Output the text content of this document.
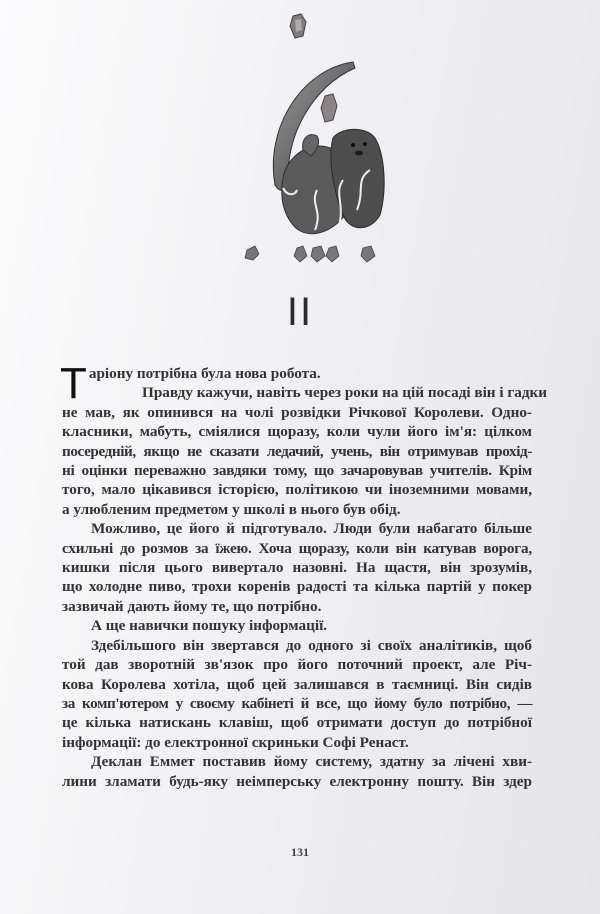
II

Т аріону потрібна була нова робота.

Правду кажучи, навіть через роки на цій посаді він і гадки
не мав, як опинився на чолі розвідки Річкової Королеви. Одно-
класники, мабуть, сміялися щоразу, коли чули його ім'я: цілком
посередній, якщо не сказати ледачий, учень, він отримував прохід-
ні оцінки переважно завдяки тому, що зачаровував учителів. Крім
того, мало цікавився історією, політикою чи іноземними мовами,
а улюбленим предметом у школі в нього був обід.

Можливо, це його й підготувало. Люди були набагато більше
схильні до розмов за їжею. Хоча щоразу, коли він катував ворога,
кишки після цього вивертало назовні. На щастя, він зрозумів,
що холодне пиво, трохи коренів радості та кілька партій у покер
зазвичай дають йому те, що потрібно.

А ще навички пошуку інформації.

Здебільшого він звертався до одного зі своїх аналітиків, щоб
той дав зворотній зв'язок про його поточний проект, але Річ-
кова Королева хотіла, щоб цей залишався в таємниці. Він сидів
за комп'ютером у своєму кабінеті й все, що йому було потрібно, —
це кілька натискань клавіш, щоб отримати доступ до потрібної
інформації: до електронної скриньки Софі Ренаст.

Деклан Еммет поставив йому систему, здатну за лічені хви-
лини зламати будь-яку неімперську електронну пошту. Він здер

131
